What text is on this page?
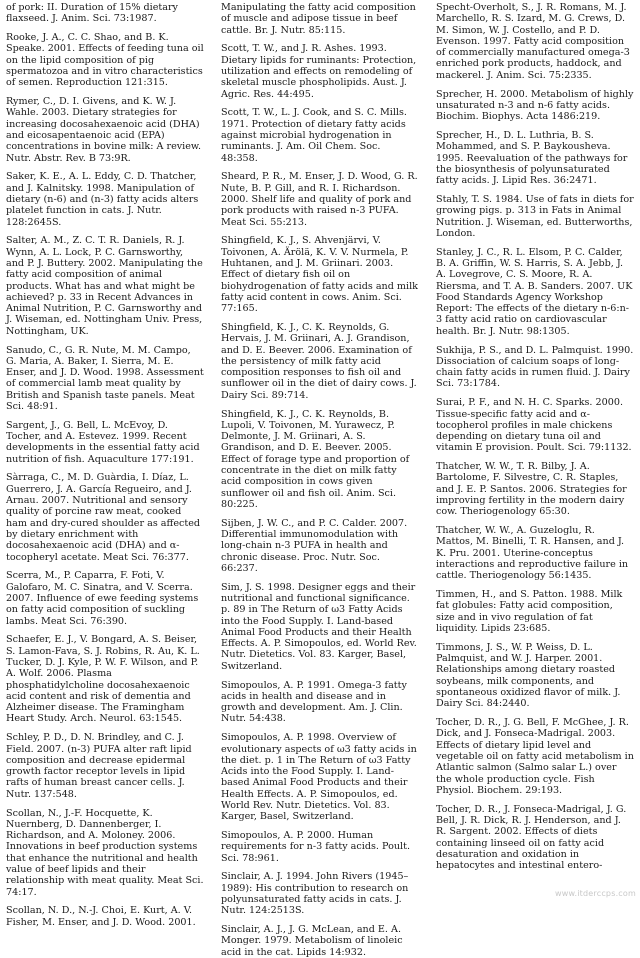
of pork: II. Duration of 15% dietary flaxseed. J. Anim. Sci. 73:1987.

Rooke, J. A., C. C. Shao, and B. K. Speake. 2001. Effects of feeding tuna oil on the lipid composition of pig spermatozoa and in vitro characteristics of semen. Reproduction 121:315.

Rymer, C., D. I. Givens, and K. W. J. Wahle. 2003. Dietary strategies for increasing docosahexaenoic acid (DHA) and eicosapentaenoic acid (EPA) concentrations in bovine milk: A review. Nutr. Abstr. Rev. B 73:9R.

Saker, K. E., A. L. Eddy, C. D. Thatcher, and J. Kalnitsky. 1998. Manipulation of dietary (n-6) and (n-3) fatty acids alters platelet function in cats. J. Nutr. 128:2645S.

Salter, A. M., Z. C. T. R. Daniels, R. J. Wynn, A. L. Lock, P. C. Garnsworthy, and P. J. Buttery. 2002. Manipulating the fatty acid composition of animal products. What has and what might be achieved? p. 33 in Recent Advances in Animal Nutrition, P. C. Garnsworthy and J. Wiseman, ed. Nottingham Univ. Press, Nottingham, UK.

Sanudo, C., G. R. Nute, M. M. Campo, G. Maria, A. Baker, I. Sierra, M. E. Enser, and J. D. Wood. 1998. Assessment of commercial lamb meat quality by British and Spanish taste panels. Meat Sci. 48:91.

Sargent, J., G. Bell, L. McEvoy, D. Tocher, and A. Estevez. 1999. Recent developments in the essential fatty acid nutrition of fish. Aquaculture 177:191.

Sàrraga, C., M. D. Guàrdia, I. Díaz, L. Guerrero, J. A. García Regueiro, and J. Arnau. 2007. Nutritional and sensory quality of porcine raw meat, cooked ham and dry-cured shoulder as affected by dietary enrichment with docosahexaenoic acid (DHA) and α-tocopheryl acetate. Meat Sci. 76:377.

Scerra, M., P. Caparra, F. Foti, V. Galofaro, M. C. Sinatra, and V. Scerra. 2007. Influence of ewe feeding systems on fatty acid composition of suckling lambs. Meat Sci. 76:390.

Schaefer, E. J., V. Bongard, A. S. Beiser, S. Lamon-Fava, S. J. Robins, R. Au, K. L. Tucker, D. J. Kyle, P. W. F. Wilson, and P. A. Wolf. 2006. Plasma phosphatidylcholine docosahexaenoic acid content and risk of dementia and Alzheimer disease. The Framingham Heart Study. Arch. Neurol. 63:1545.

Schley, P. D., D. N. Brindley, and C. J. Field. 2007. (n-3) PUFA alter raft lipid composition and decrease epidermal growth factor receptor levels in lipid rafts of human breast cancer cells. J. Nutr. 137:548.

Scollan, N., J.-F. Hocquette, K. Nuernberg, D. Dannenberger, I. Richardson, and A. Moloney. 2006. Innovations in beef production systems that enhance the nutritional and health value of beef lipids and their relationship with meat quality. Meat Sci. 74:17.

Scollan, N. D., N.-J. Choi, E. Kurt, A. V. Fisher, M. Enser, and J. D. Wood. 2001.

Manipulating the fatty acid composition of muscle and adipose tissue in beef cattle. Br. J. Nutr. 85:115.

Scott, T. W., and J. R. Ashes. 1993. Dietary lipids for ruminants: Protection, utilization and effects on remodeling of skeletal muscle phospholipids. Aust. J. Agric. Res. 44:495.

Scott, T. W., L. J. Cook, and S. C. Mills. 1971. Protection of dietary fatty acids against microbial hydrogenation in ruminants. J. Am. Oil Chem. Soc. 48:358.

Sheard, P. R., M. Enser, J. D. Wood, G. R. Nute, B. P. Gill, and R. I. Richardson. 2000. Shelf life and quality of pork and pork products with raised n-3 PUFA. Meat Sci. 55:213.

Shingfield, K. J., S. Ahvenjärvi, V. Toivonen, A. Ärölä, K. V. V. Nurmela, P. Huhtanen, and J. M. Griinari. 2003. Effect of dietary fish oil on biohydrogenation of fatty acids and milk fatty acid content in cows. Anim. Sci. 77:165.

Shingfield, K. J., C. K. Reynolds, G. Hervais, J. M. Griinari, A. J. Grandison, and D. E. Beever. 2006. Examination of the persistency of milk fatty acid composition responses to fish oil and sunflower oil in the diet of dairy cows. J. Dairy Sci. 89:714.

Shingfield, K. J., C. K. Reynolds, B. Lupoli, V. Toivonen, M. Yurawecz, P. Delmonte, J. M. Griinari, A. S. Grandison, and D. E. Beever. 2005. Effect of forage type and proportion of concentrate in the diet on milk fatty acid composition in cows given sunflower oil and fish oil. Anim. Sci. 80:225.

Sijben, J. W. C., and P. C. Calder. 2007. Differential immunomodulation with long-chain n-3 PUFA in health and chronic disease. Proc. Nutr. Soc. 66:237.

Sim, J. S. 1998. Designer eggs and their nutritional and functional significance. p. 89 in The Return of ω3 Fatty Acids into the Food Supply. I. Land-based Animal Food Products and their Health Effects. A. P. Simopoulos, ed. World Rev. Nutr. Dietetics. Vol. 83. Karger, Basel, Switzerland.

Simopoulos, A. P. 1991. Omega-3 fatty acids in health and disease and in growth and development. Am. J. Clin. Nutr. 54:438.

Simopoulos, A. P. 1998. Overview of evolutionary aspects of ω3 fatty acids in the diet. p. 1 in The Return of ω3 Fatty Acids into the Food Supply. I. Land-based Animal Food Products and their Health Effects. A. P. Simopoulos, ed. World Rev. Nutr. Dietetics. Vol. 83. Karger, Basel, Switzerland.

Simopoulos, A. P. 2000. Human requirements for n-3 fatty acids. Poult. Sci. 78:961.

Sinclair, A. J. 1994. John Rivers (1945–1989): His contribution to research on polyunsaturated fatty acids in cats. J. Nutr. 124:2513S.

Sinclair, A. J., J. G. McLean, and E. A. Monger. 1979. Metabolism of linoleic acid in the cat. Lipids 14:932.

Specht-Overholt, S., J. R. Romans, M. J. Marchello, R. S. Izard, M. G. Crews, D. M. Simon, W. J. Costello, and P. D. Evenson. 1997. Fatty acid composition of commercially manufactured omega-3 enriched pork products, haddock, and mackerel. J. Anim. Sci. 75:2335.

Sprecher, H. 2000. Metabolism of highly unsaturated n-3 and n-6 fatty acids. Biochim. Biophys. Acta 1486:219.

Sprecher, H., D. L. Luthria, B. S. Mohammed, and S. P. Baykousheva. 1995. Reevaluation of the pathways for the biosynthesis of polyunsaturated fatty acids. J. Lipid Res. 36:2471.

Stahly, T. S. 1984. Use of fats in diets for growing pigs. p. 313 in Fats in Animal Nutrition. J. Wiseman, ed. Butterworths, London.

Stanley, J. C., R. L. Elsom, P. C. Calder, B. A. Griffin, W. S. Harris, S. A. Jebb, J. A. Lovegrove, C. S. Moore, R. A. Riersma, and T. A. B. Sanders. 2007. UK Food Standards Agency Workshop Report: The effects of the dietary n-6:n-3 fatty acid ratio on cardiovascular health. Br. J. Nutr. 98:1305.

Sukhija, P. S., and D. L. Palmquist. 1990. Dissociation of calcium soaps of long-chain fatty acids in rumen fluid. J. Dairy Sci. 73:1784.

Surai, P. F., and N. H. C. Sparks. 2000. Tissue-specific fatty acid and α-tocopherol profiles in male chickens depending on dietary tuna oil and vitamin E provision. Poult. Sci. 79:1132.

Thatcher, W. W., T. R. Bilby, J. A. Bartolome, F. Silvestre, C. R. Staples, and J. E. P. Santos. 2006. Strategies for improving fertility in the modern dairy cow. Theriogenology 65:30.

Thatcher, W. W., A. Guzeloglu, R. Mattos, M. Binelli, T. R. Hansen, and J. K. Pru. 2001. Uterine-conceptus interactions and reproductive failure in cattle. Theriogenology 56:1435.

Timmen, H., and S. Patton. 1988. Milk fat globules: Fatty acid composition, size and in vivo regulation of fat liquidity. Lipids 23:685.

Timmons, J. S., W. P. Weiss, D. L. Palmquist, and W. J. Harper. 2001. Relationships among dietary roasted soybeans, milk components, and spontaneous oxidized flavor of milk. J. Dairy Sci. 84:2440.

Tocher, D. R., J. G. Bell, F. McGhee, J. R. Dick, and J. Fonseca-Madrigal. 2003. Effects of dietary lipid level and vegetable oil on fatty acid metabolism in Atlantic salmon (Salmo salar L.) over the whole production cycle. Fish Physiol. Biochem. 29:193.

Tocher, D. R., J. Fonseca-Madrigal, J. G. Bell, J. R. Dick, R. J. Henderson, and J. R. Sargent. 2002. Effects of diets containing linseed oil on fatty acid desaturation and oxidation in hepatocytes and intestinal entero-

www.itderccps.com
